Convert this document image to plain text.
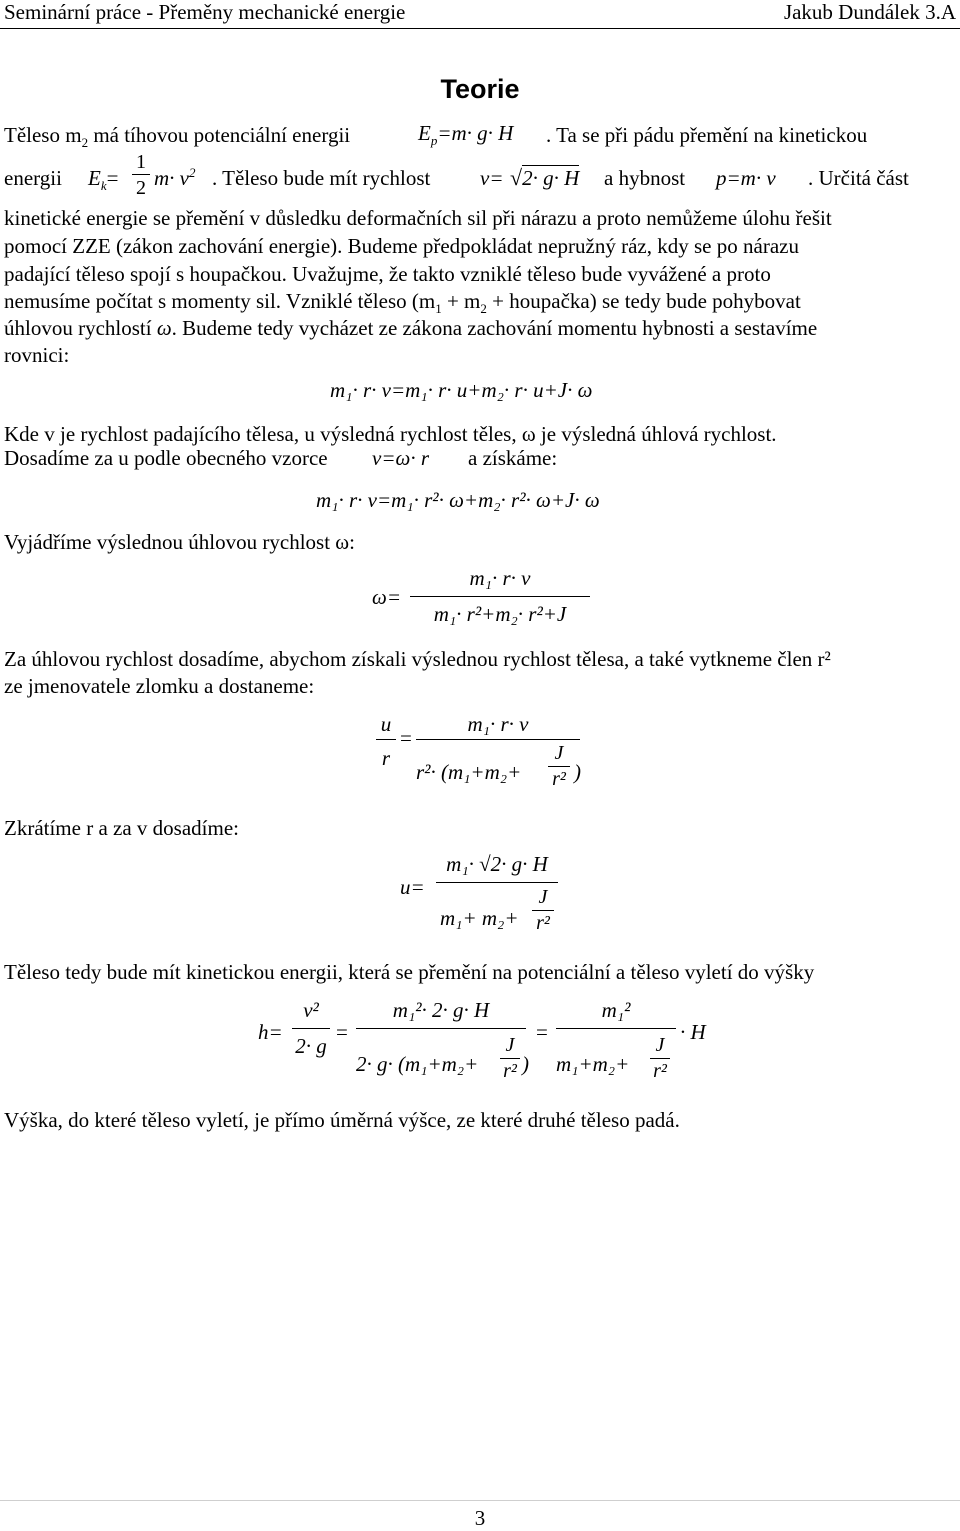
Seminární práce - Přeměny mechanické energie	Jakub Dundálek 3.A
Teorie
Těleso $m_2$ má tíhovou potenciální energii	$E_p=m\cdot g\cdot H$ . Ta se při pádu přemění na kinetickou
energii $E_k=$
1
2 $m\cdot v^2$ . Těleso bude mít rychlost v= √2· g· H a hybnost p=m· v . Určitá část
kinetické energie se přemění v důsledku deformačních sil při nárazu a proto nemůžeme úlohu řešit
pomocí ZZE (zákon zachování energie). Budeme předpokládat nepružný ráz, kdy se po nárazu
padající těleso spojí s houpačkou. Uvažujme, že takto vzniklé těleso bude vyvážené a proto
nemusíme počítat s momenty sil. Vzniklé těleso ($m_1 + m_2$ + houpačka) se tedy bude pohybovat
úhlovou rychlostí ω. Budeme tedy vycházet ze zákona zachování momentu hybnosti a sestavíme
rovnici:
m₁· r· v=m₁· r· u+m₂· r· u+J· ω
Kde v je rychlost padajícího tělesa, u výsledná rychlost těles, ω je výsledná úhlová rychlost.
Dosadíme za u podle obecného vzorce	v=ω· r a získáme:
m₁· r· v=m₁· r²· ω+m₂· r²· ω+J· ω
Vyjádříme výslednou úhlovou rychlost ω:
ω=
m₁· r· v
m₁· r²+m₂· r²+J
Za úhlovou rychlost dosadíme, abychom získali výslednou rychlost tělesa, a také vytkneme člen r²
ze jmenovatele zlomku a dostaneme:
u
r
=
m₁· r· v
r²· (m₁+m₂+
J
r² )
Zkrátíme r a za v dosadíme:
u=
m₁· √2· g· H
m₁+ m₂+
J
r²
Těleso tedy bude mít kinetickou energii, která se přemění na potenciální a těleso vyletí do výšky
h=
v²
2· g
=
m₁²· 2· g· H
2· g· (m₁+m₂+
J
r² )
=
m₁²
m₁+m₂+
J
r²
· H
Výška, do které těleso vyletí, je přímo úměrná výšce, ze které druhé těleso padá.
3
